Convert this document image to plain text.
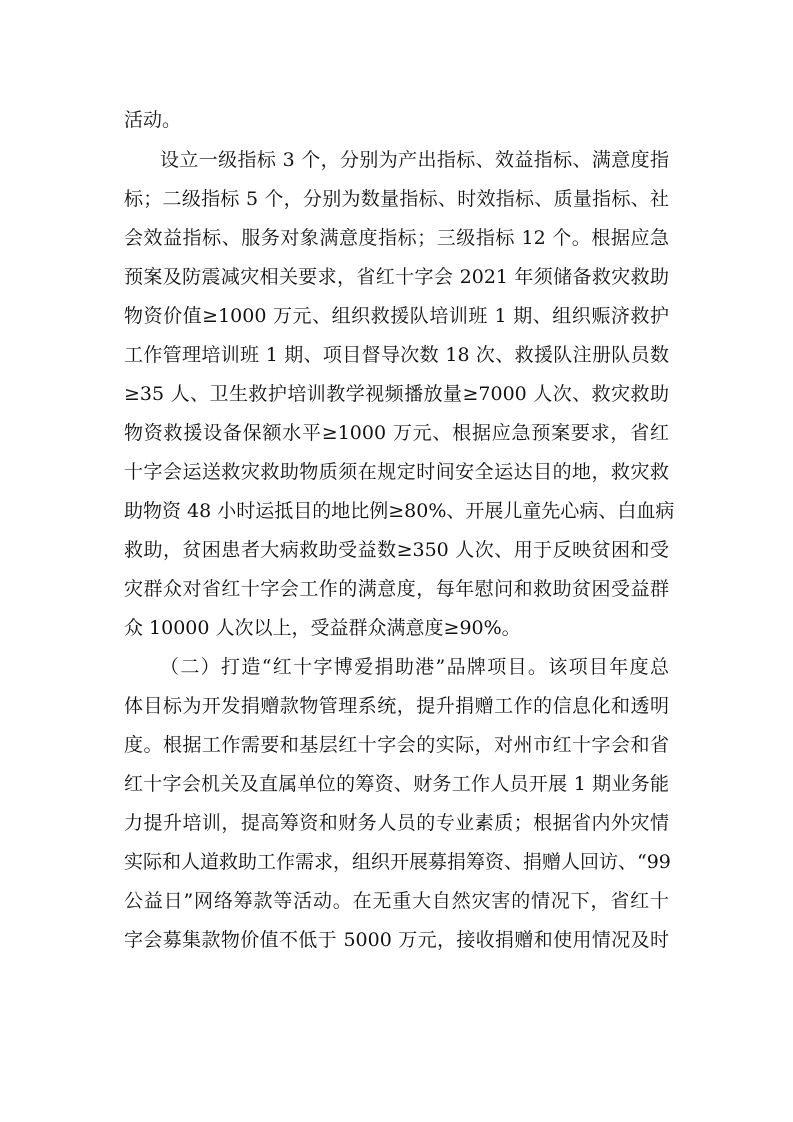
活动。
设立一级指标 3 个，分别为产出指标、效益指标、满意度指
标；二级指标 5 个，分别为数量指标、时效指标、质量指标、社
会效益指标、服务对象满意度指标；三级指标 12 个。根据应急
预案及防震减灾相关要求，省红十字会 2021 年须储备救灾救助
物资价值≥1000 万元、组织救援队培训班 1 期、组织赈济救护
工作管理培训班 1 期、项目督导次数 18 次、救援队注册队员数
≥35 人、卫生救护培训教学视频播放量≥7000 人次、救灾救助
物资救援设备保额水平≥1000 万元、根据应急预案要求，省红
十字会运送救灾救助物质须在规定时间安全运达目的地，救灾救
助物资 48 小时运抵目的地比例≥80%、开展儿童先心病、白血病
救助，贫困患者大病救助受益数≥350 人次、用于反映贫困和受
灾群众对省红十字会工作的满意度，每年慰问和救助贫困受益群
众 10000 人次以上，受益群众满意度≥90%。
（二）打造“红十字博爱捐助港”品牌项目。该项目年度总
体目标为开发捐赠款物管理系统，提升捐赠工作的信息化和透明
度。根据工作需要和基层红十字会的实际，对州市红十字会和省
红十字会机关及直属单位的筹资、财务工作人员开展 1 期业务能
力提升培训，提高筹资和财务人员的专业素质；根据省内外灾情
实际和人道救助工作需求，组织开展募捐筹资、捐赠人回访、“99
公益日”网络筹款等活动。在无重大自然灾害的情况下，省红十
字会募集款物价值不低于 5000 万元，接收捐赠和使用情况及时
